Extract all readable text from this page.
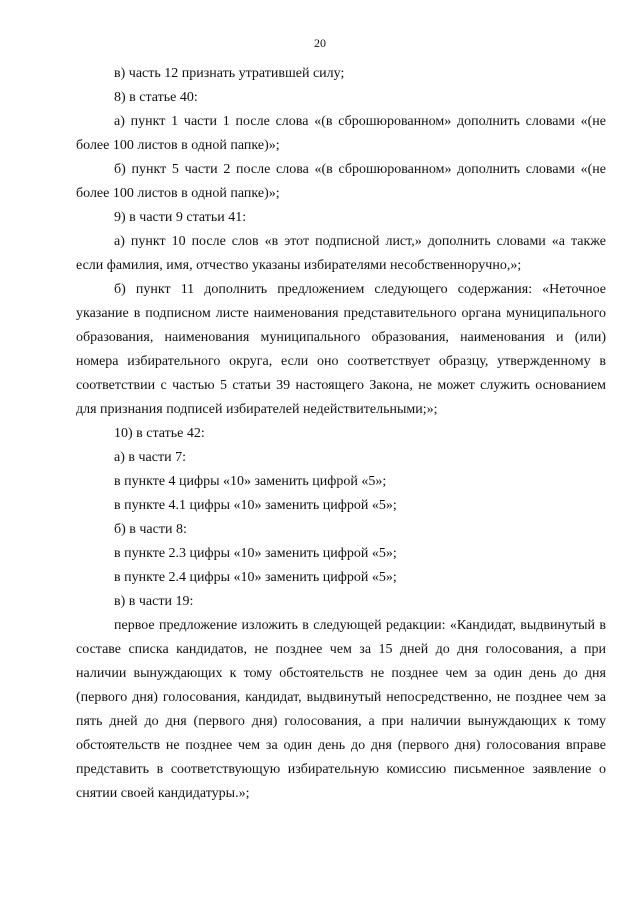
20

в) часть 12 признать утратившей силу;

8) в статье 40:

а) пункт 1 части 1 после слова «(в сброшюрованном» дополнить словами «(не более 100 листов в одной папке)»;

б) пункт 5 части 2 после слова «(в сброшюрованном» дополнить словами «(не более 100 листов в одной папке)»;

9) в части 9 статьи 41:

а) пункт 10 после слов «в этот подписной лист,» дополнить словами «а также если фамилия, имя, отчество указаны избирателями несобственноручно,»;

б) пункт 11 дополнить предложением следующего содержания: «Неточное указание в подписном листе наименования представительного органа муниципального образования, наименования муниципального образования, наименования и (или) номера избирательного округа, если оно соответствует образцу, утвержденному в соответствии с частью 5 статьи 39 настоящего Закона, не может служить основанием для признания подписей избирателей недействительными;»;

10) в статье 42:

а) в части 7:

в пункте 4 цифры «10» заменить цифрой «5»;

в пункте 4.1 цифры «10» заменить цифрой «5»;

б) в части 8:

в пункте 2.3 цифры «10» заменить цифрой «5»;

в пункте 2.4 цифры «10» заменить цифрой «5»;

в) в части 19:

первое предложение изложить в следующей редакции: «Кандидат, выдвинутый в составе списка кандидатов, не позднее чем за 15 дней до дня голосования, а при наличии вынуждающих к тому обстоятельств не позднее чем за один день до дня (первого дня) голосования, кандидат, выдвинутый непосредственно, не позднее чем за пять дней до дня (первого дня) голосования, а при наличии вынуждающих к тому обстоятельств не позднее чем за один день до дня (первого дня) голосования вправе представить в соответствующую избирательную комиссию письменное заявление о снятии своей кандидатуры.»;
